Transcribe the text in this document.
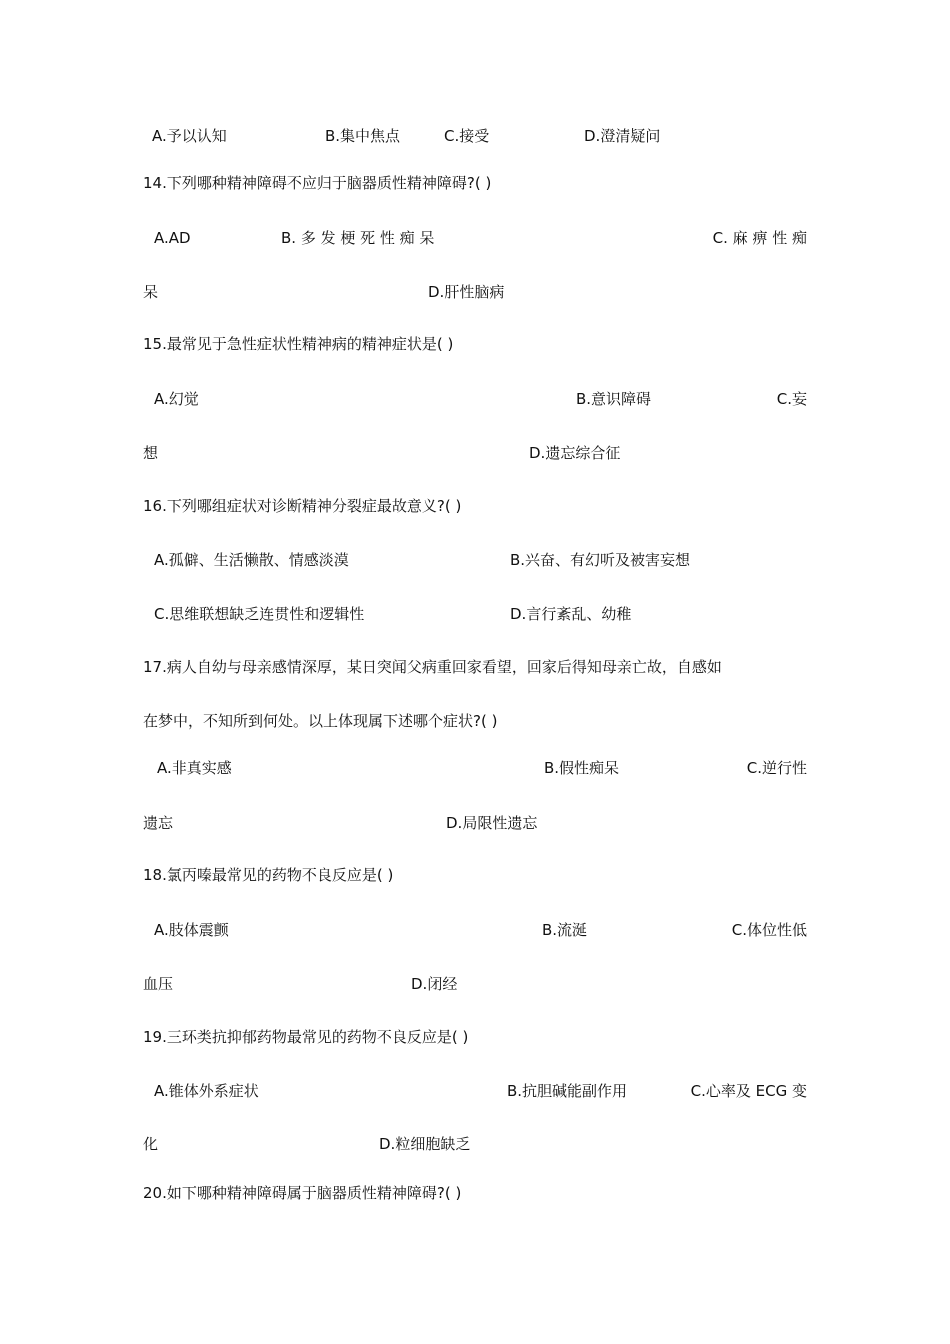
A.予以认知	B.集中焦点	C.接受	D.澄清疑问
14.下列哪种精神障碍不应归于脑器质性精神障碍?( )
A.AD	B. 多 发 梗 死 性 痴 呆	C. 麻 痹 性 痴
呆	D.肝性脑病
15.最常见于急性症状性精神病的精神症状是( )
A.幻觉	B.意识障碍	C.妄
想	D.遗忘综合征
16.下列哪组症状对诊断精神分裂症最故意义?( )
A.孤僻、生活懒散、情感淡漠	B.兴奋、有幻听及被害妄想
C.思维联想缺乏连贯性和逻辑性	D.言行紊乱、幼稚
17.病人自幼与母亲感情深厚，某日突闻父病重回家看望，回家后得知母亲亡故，自感如
在梦中，不知所到何处。以上体现属下述哪个症状?( )
A.非真实感	B.假性痴呆	C.逆行性
遗忘	D.局限性遗忘
18.氯丙嗪最常见的药物不良反应是( )
A.肢体震颤	B.流涎	C.体位性低
血压	D.闭经
19.三环类抗抑郁药物最常见的药物不良反应是( )
A.锥体外系症状	B.抗胆碱能副作用	C.心率及 ECG 变
化	D.粒细胞缺乏
20.如下哪种精神障碍属于脑器质性精神障碍?( )
